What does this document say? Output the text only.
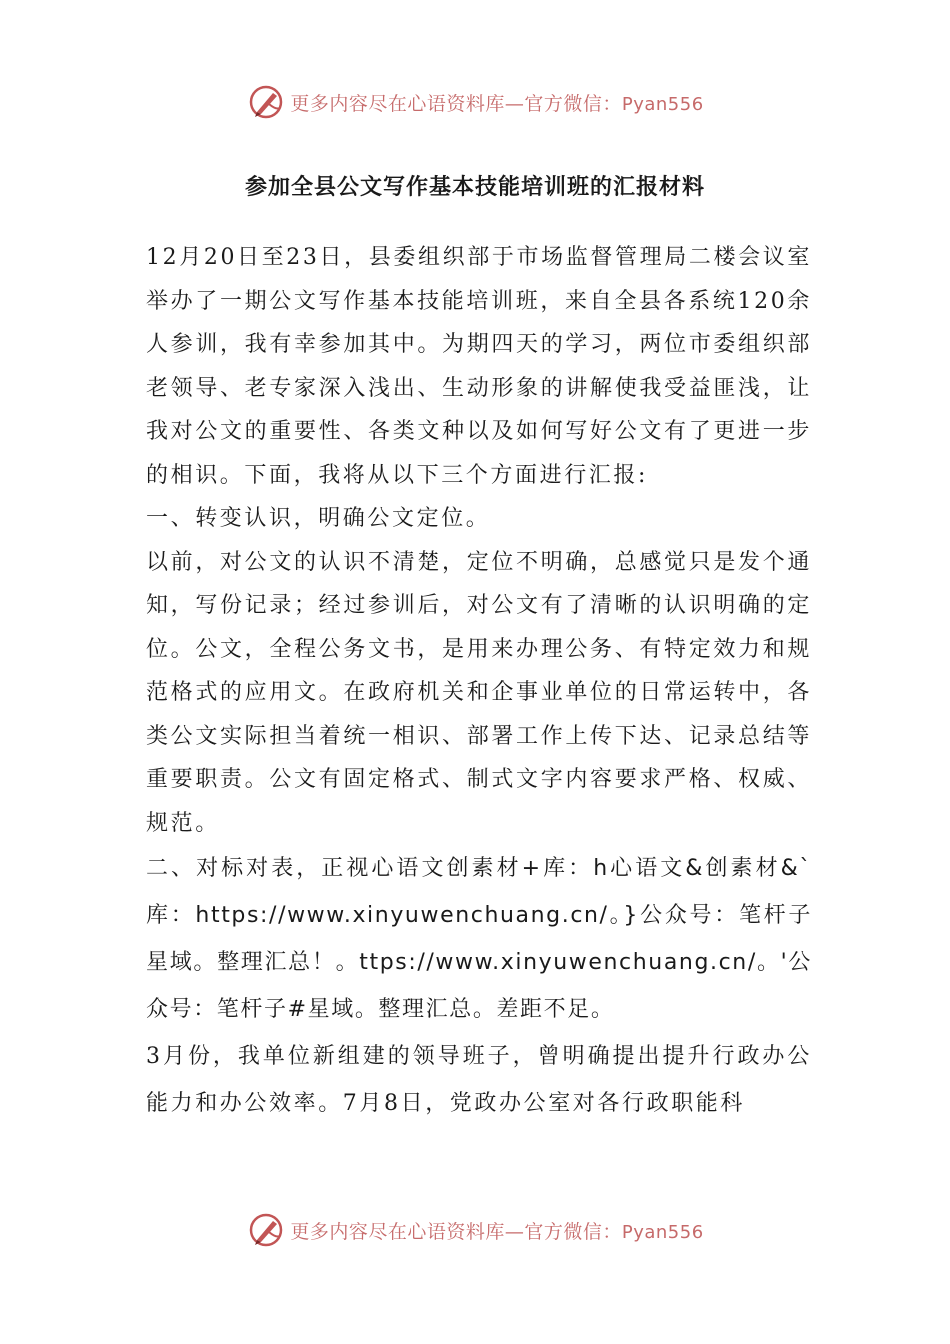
更多内容尽在心语资料库—官方微信：Pyan556
参加全县公文写作基本技能培训班的汇报材料

12月20日至23日，县委组织部于市场监督管理局二楼会议室举办了一期公文写作基本技能培训班，来自全县各系统120余人参训，我有幸参加其中。为期四天的学习，两位市委组织部老领导、老专家深入浅出、生动形象的讲解使我受益匪浅，让我对公文的重要性、各类文种以及如何写好公文有了更进一步的相识。下面，我将从以下三个方面进行汇报:

一、转变认识，明确公文定位。

以前，对公文的认识不清楚，定位不明确，总感觉只是发个通知，写份记录；经过参训后，对公文有了清晰的认识明确的定位。公文，全程公务文书，是用来办理公务、有特定效力和规范格式的应用文。在政府机关和企事业单位的日常运转中，各类公文实际担当着统一相识、部署工作上传下达、记录总结等重要职责。公文有固定格式、制式文字内容要求严格、权威、规范。

二、对标对表，正视心语文创素材+库：h心语文&创素材&`库：https://www.xinyuwenchuang.cn/。}公众号：笔杆子星域。整理汇总！。ttps://www.xinyuwenchuang.cn/。'公众号：笔杆子#星域。整理汇总。差距不足。

3月份，我单位新组建的领导班子，曾明确提出提升行政办公能力和办公效率。7月8日，党政办公室对各行政职能科

更多内容尽在心语资料库—官方微信：Pyan556
